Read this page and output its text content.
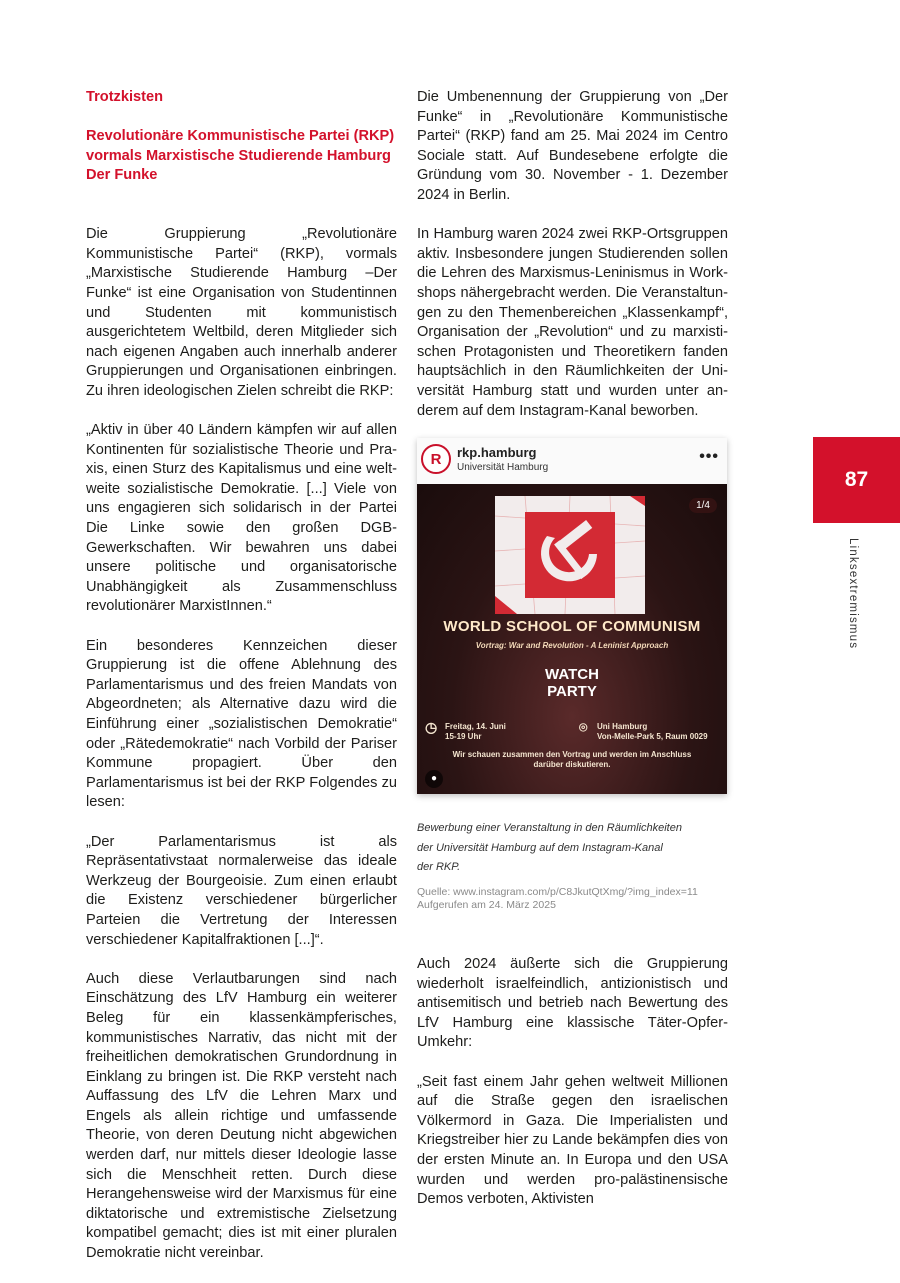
Trotzkisten

Revolutionäre Kommunistische Partei (RKP)
vormals Marxistische Studierende Hamburg
Der Funke

Die Gruppierung „Revolutionäre Kommunistische Partei“ (RKP), vormals „Marxistische Studierende Hamburg –Der Funke“ ist eine Organisation von Studentinnen und Studenten mit kommunistisch ausgerichtetem Weltbild, deren Mitglieder sich nach eigenen Angaben auch innerhalb anderer Gruppierungen und Organisationen einbringen. Zu ihren ideologischen Zielen schreibt die RKP:

„Aktiv in über 40 Ländern kämpfen wir auf allen Kontinenten für sozialistische Theorie und Praxis, einen Sturz des Kapitalismus und eine weltweite sozialistische Demokratie. [...] Viele von uns engagieren sich solidarisch in der Partei Die Linke sowie den großen DGB-Gewerkschaften. Wir bewahren uns dabei unsere politische und organisatorische Unabhängigkeit als Zusammenschluss revolutionärer MarxistInnen.“

Ein besonderes Kennzeichen dieser Gruppierung ist die offene Ablehnung des Parlamentarismus und des freien Mandats von Abgeordneten; als Alternative dazu wird die Einführung einer „sozialistischen Demokratie“ oder „Rätedemokratie“ nach Vorbild der Pariser Kommune propagiert. Über den Parlamentarismus ist bei der RKP Folgendes zu lesen:

„Der Parlamentarismus ist als Repräsentativstaat normalerweise das ideale Werkzeug der Bourgeoisie. Zum einen erlaubt die Existenz verschiedener bürgerlicher Parteien die Vertretung der Interessen verschiedener Kapitalfraktionen [...]“.

Auch diese Verlautbarungen sind nach Einschätzung des LfV Hamburg ein weiterer Beleg für ein klassenkämpferisches, kommunistisches Narrativ, das nicht mit der freiheitlichen demokratischen Grundordnung in Einklang zu bringen ist. Die RKP versteht nach Auffassung des LfV die Lehren Marx und Engels als allein richtige und umfassende Theorie, von deren Deutung nicht abgewichen werden darf, nur mittels dieser Ideologie lasse sich die Menschheit retten. Durch diese Herangehensweise wird der Marxismus für eine diktatorische und extremistische Zielsetzung kompatibel gemacht; dies ist mit einer pluralen Demokratie nicht vereinbar.

Die Umbenennung der Gruppierung von „Der Funke“ in „Revolutionäre Kommunistische Partei“ (RKP) fand am 25. Mai 2024 im Centro Sociale statt. Auf Bundesebene erfolgte die Gründung vom 30. November - 1. Dezember 2024 in Berlin.

In Hamburg waren 2024 zwei RKP-Ortsgruppen aktiv. Insbesondere jungen Studierenden sollen die Lehren des Marxismus-Leninismus in Workshops nähergebracht werden. Die Veranstaltungen zu den Themenbereichen „Klassenkampf“, Organisation der „Revolution“ und zu marxistischen Protagonisten und Theoretikern fanden hauptsächlich in den Räumlichkeiten der Universität Hamburg statt und wurden unter anderem auf dem Instagram-Kanal beworben.

R	rkp.hamburg
Universität Hamburg
•••
1/4
WORLD SCHOOL OF COMMUNISM
Vortrag: War and Revolution - A Leninist Approach
WATCH
PARTY
◷ Freitag, 14. Juni
15-19 Uhr
⌾ Uni Hamburg
Von-Melle-Park 5, Raum 0029
Wir schauen zusammen den Vortrag und werden im Anschluss
darüber diskutieren.
●
Bewerbung einer Veranstaltung in den Räumlichkeiten
der Universität Hamburg auf dem Instagram-Kanal
der RKP.
Quelle: www.instagram.com/p/C8JkutQtXmg/?img_index=11
Aufgerufen am 24. März 2025

Auch 2024 äußerte sich die Gruppierung wiederholt israelfeindlich, antizionistisch und antisemitisch und betrieb nach Bewertung des LfV Hamburg eine klassische Täter-Opfer-Umkehr:

„Seit fast einem Jahr gehen weltweit Millionen auf die Straße gegen den israelischen Völkermord in Gaza. Die Imperialisten und Kriegstreiber hier zu Lande bekämpfen dies von der ersten Minute an. In Europa und den USA wurden und werden pro-palästinensische Demos verboten, Aktivisten

87
Linksextremismus
